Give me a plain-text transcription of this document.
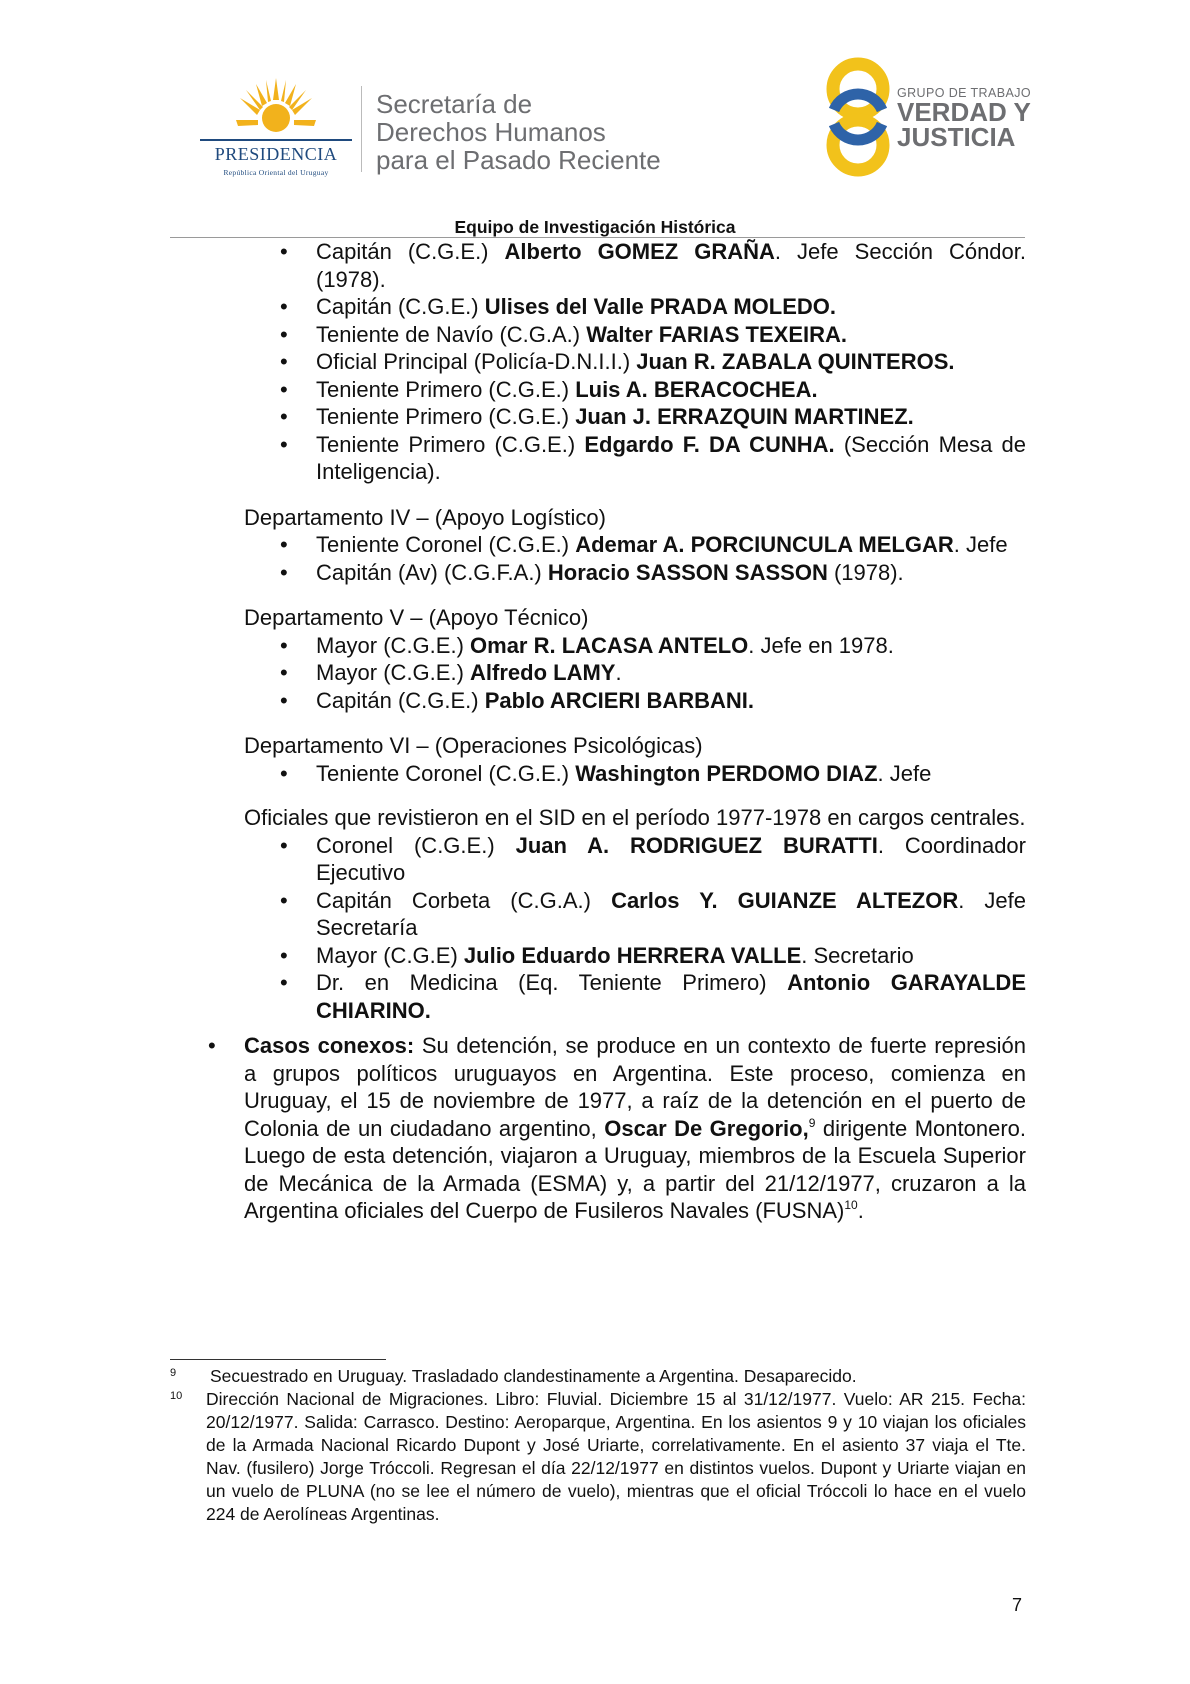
PRESIDENCIA
República Oriental del Uruguay
Secretaría de
Derechos Humanos
para el Pasado Reciente
GRUPO DE TRABAJO
VERDAD Y
JUSTICIA
Equipo de Investigación Histórica
• Capitán (C.G.E.) Alberto GOMEZ GRAÑA. Jefe Sección Cóndor. (1978).
• Capitán (C.G.E.) Ulises del Valle PRADA MOLEDO.
• Teniente de Navío (C.G.A.) Walter FARIAS TEXEIRA.
• Oficial Principal (Policía-D.N.I.I.) Juan R. ZABALA QUINTEROS.
• Teniente Primero (C.G.E.) Luis A. BERACOCHEA.
• Teniente Primero (C.G.E.) Juan J. ERRAZQUIN MARTINEZ.
• Teniente Primero (C.G.E.) Edgardo F. DA CUNHA. (Sección Mesa de Inteligencia).
Departamento IV – (Apoyo Logístico)
• Teniente Coronel (C.G.E.) Ademar A. PORCIUNCULA MELGAR. Jefe
• Capitán (Av) (C.G.F.A.) Horacio SASSON SASSON (1978).
Departamento V – (Apoyo Técnico)
• Mayor (C.G.E.) Omar R. LACASA ANTELO. Jefe en 1978.
• Mayor (C.G.E.) Alfredo LAMY.
• Capitán (C.G.E.) Pablo ARCIERI BARBANI.
Departamento VI – (Operaciones Psicológicas)
• Teniente Coronel (C.G.E.) Washington PERDOMO DIAZ. Jefe
Oficiales que revistieron en el SID en el período 1977-1978 en cargos centrales.
• Coronel (C.G.E.) Juan A. RODRIGUEZ BURATTI. Coordinador Ejecutivo
• Capitán Corbeta (C.G.A.) Carlos Y. GUIANZE ALTEZOR. Jefe Secretaría
• Mayor (C.G.E) Julio Eduardo HERRERA VALLE. Secretario
• Dr. en Medicina (Eq. Teniente Primero) Antonio GARAYALDE CHIARINO.
• Casos conexos: Su detención, se produce en un contexto de fuerte represión a grupos políticos uruguayos en Argentina. Este proceso, comienza en Uruguay, el 15 de noviembre de 1977, a raíz de la detención en el puerto de Colonia de un ciudadano argentino, Oscar De Gregorio,$^9$ dirigente Montonero. Luego de esta detención, viajaron a Uruguay, miembros de la Escuela Superior de Mecánica de la Armada (ESMA) y, a partir del 21/12/1977, cruzaron a la Argentina oficiales del Cuerpo de Fusileros Navales (FUSNA)$^{10}$.
9 Secuestrado en Uruguay. Trasladado clandestinamente a Argentina. Desaparecido.
10 Dirección Nacional de Migraciones. Libro: Fluvial. Diciembre 15 al 31/12/1977. Vuelo: AR 215. Fecha: 20/12/1977. Salida: Carrasco. Destino: Aeroparque, Argentina. En los asientos 9 y 10 viajan los oficiales de la Armada Nacional Ricardo Dupont y José Uriarte, correlativamente. En el asiento 37 viaja el Tte. Nav. (fusilero) Jorge Tróccoli. Regresan el día 22/12/1977 en distintos vuelos. Dupont y Uriarte viajan en un vuelo de PLUNA (no se lee el número de vuelo), mientras que el oficial Tróccoli lo hace en el vuelo 224 de Aerolíneas Argentinas.
7
